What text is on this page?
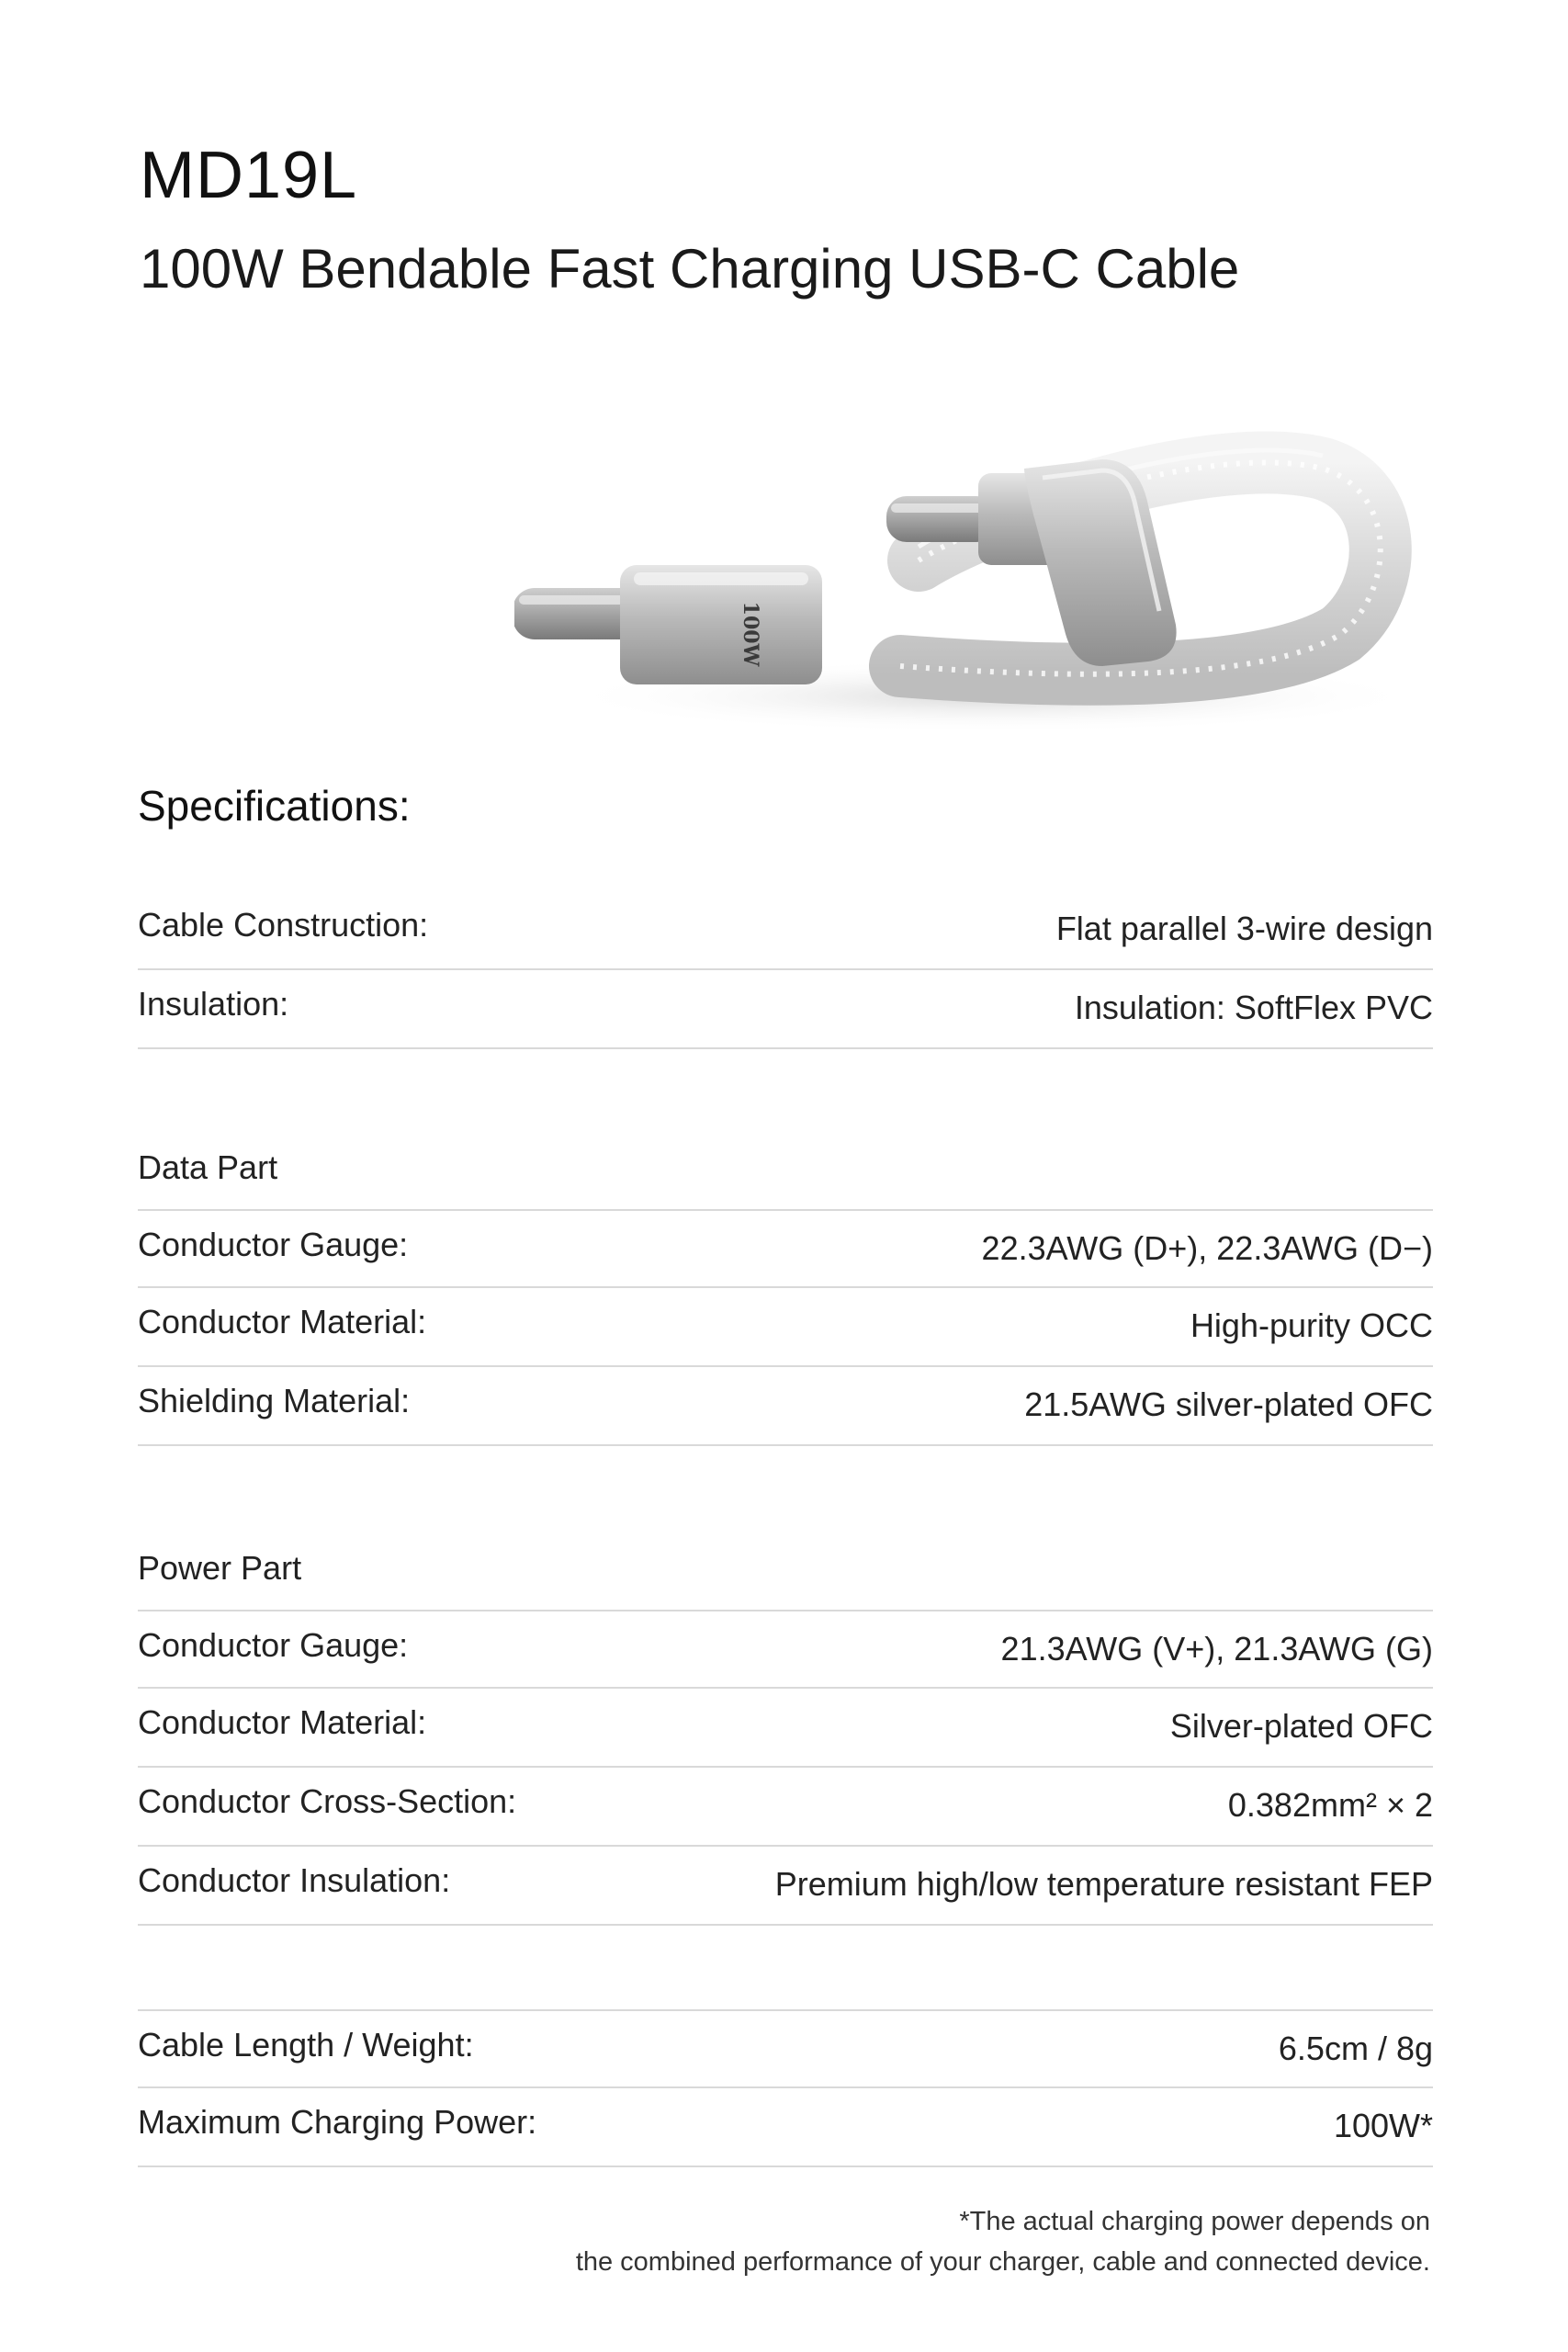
MD19L
100W Bendable Fast Charging USB-C Cable
100W
Specifications:
Cable Construction:	Flat parallel 3-wire design
Insulation:	Insulation: SoftFlex PVC
Data Part
Conductor Gauge:	22.3AWG (D+), 22.3AWG (D−)
Conductor Material:	High-purity OCC
Shielding Material:	21.5AWG silver-plated OFC
Power Part
Conductor Gauge:	21.3AWG (V+), 21.3AWG (G)
Conductor Material:	Silver-plated OFC
Conductor Cross-Section:	0.382mm² × 2
Conductor Insulation:	Premium high/low temperature resistant FEP
Cable Length / Weight:	6.5cm / 8g
Maximum Charging Power:	100W*
*The actual charging power depends on
the combined performance of your charger, cable and connected device.
